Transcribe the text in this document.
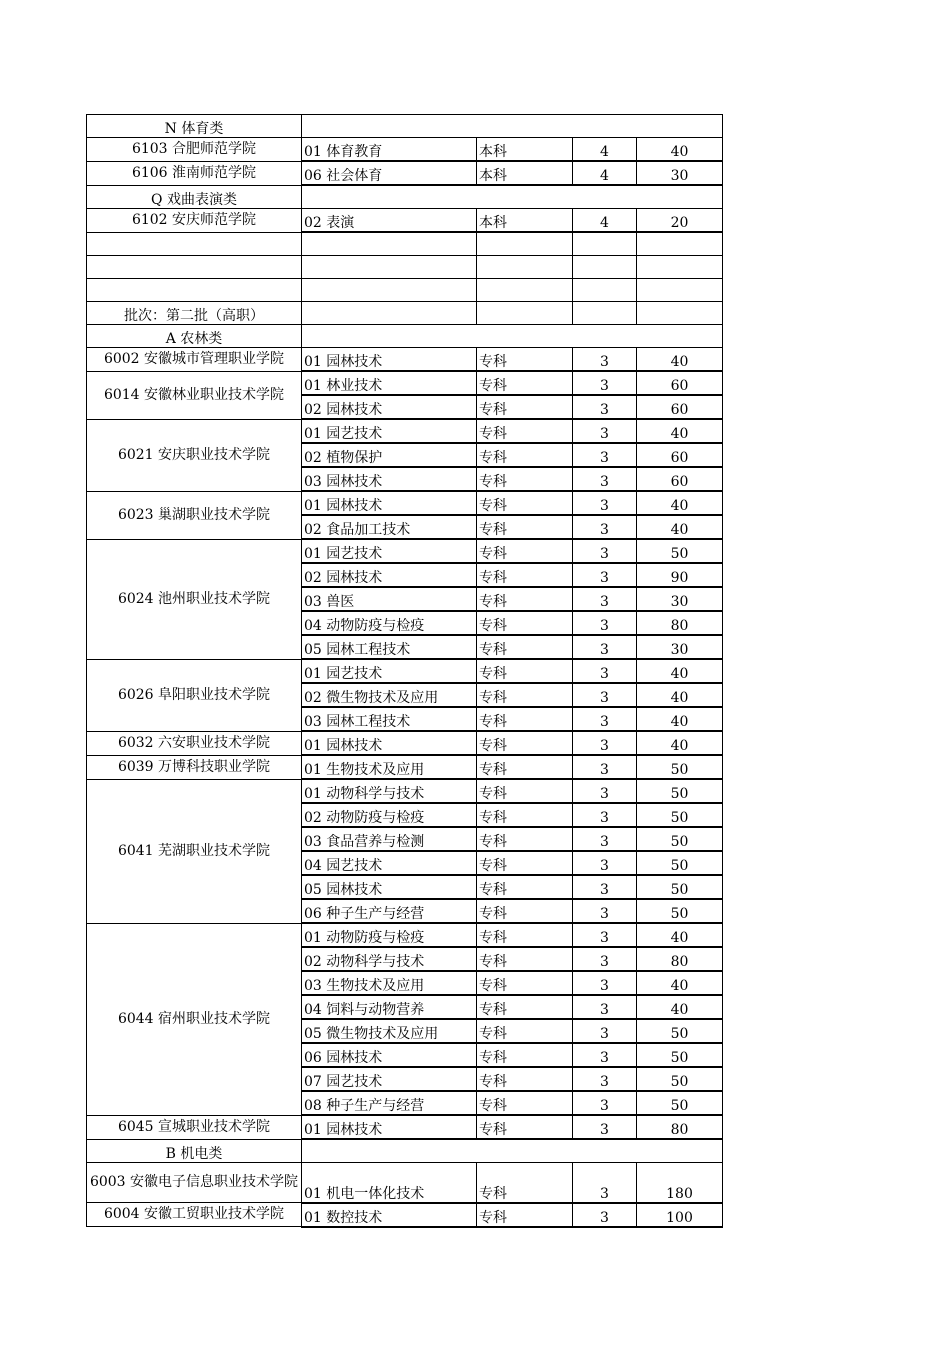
N 体育类				
6103 合肥师范学院	01 体育教育	本科	4	40
6106 淮南师范学院	06 社会体育	本科	4	30
Q 戏曲表演类				
6102 安庆师范学院	02 表演	本科	4	20

批次：第二批（高职）				
A 农林类				
6002 安徽城市管理职业学院	01 园林技术	专科	3	40
6014 安徽林业职业技术学院	01 林业技术	专科	3	60
	02 园林技术	专科	3	60
6021 安庆职业技术学院	01 园艺技术	专科	3	40
	02 植物保护	专科	3	60
	03 园林技术	专科	3	60
6023 巢湖职业技术学院	01 园林技术	专科	3	40
	02 食品加工技术	专科	3	40
6024 池州职业技术学院	01 园艺技术	专科	3	50
	02 园林技术	专科	3	90
	03 兽医	专科	3	30
	04 动物防疫与检疫	专科	3	80
	05 园林工程技术	专科	3	30
6026 阜阳职业技术学院	01 园艺技术	专科	3	40
	02 微生物技术及应用	专科	3	40
	03 园林工程技术	专科	3	40
6032 六安职业技术学院	01 园林技术	专科	3	40
6039 万博科技职业学院	01 生物技术及应用	专科	3	50
6041 芜湖职业技术学院	01 动物科学与技术	专科	3	50
	02 动物防疫与检疫	专科	3	50
	03 食品营养与检测	专科	3	50
	04 园艺技术	专科	3	50
	05 园林技术	专科	3	50
	06 种子生产与经营	专科	3	50
6044 宿州职业技术学院	01 动物防疫与检疫	专科	3	40
	02 动物科学与技术	专科	3	80
	03 生物技术及应用	专科	3	40
	04 饲料与动物营养	专科	3	40
	05 微生物技术及应用	专科	3	50
	06 园林技术	专科	3	50
	07 园艺技术	专科	3	50
	08 种子生产与经营	专科	3	50
6045 宣城职业技术学院	01 园林技术	专科	3	80
B 机电类				
6003 安徽电子信息职业技术学院	01 机电一体化技术	专科	3	180
6004 安徽工贸职业技术学院	01 数控技术	专科	3	100
